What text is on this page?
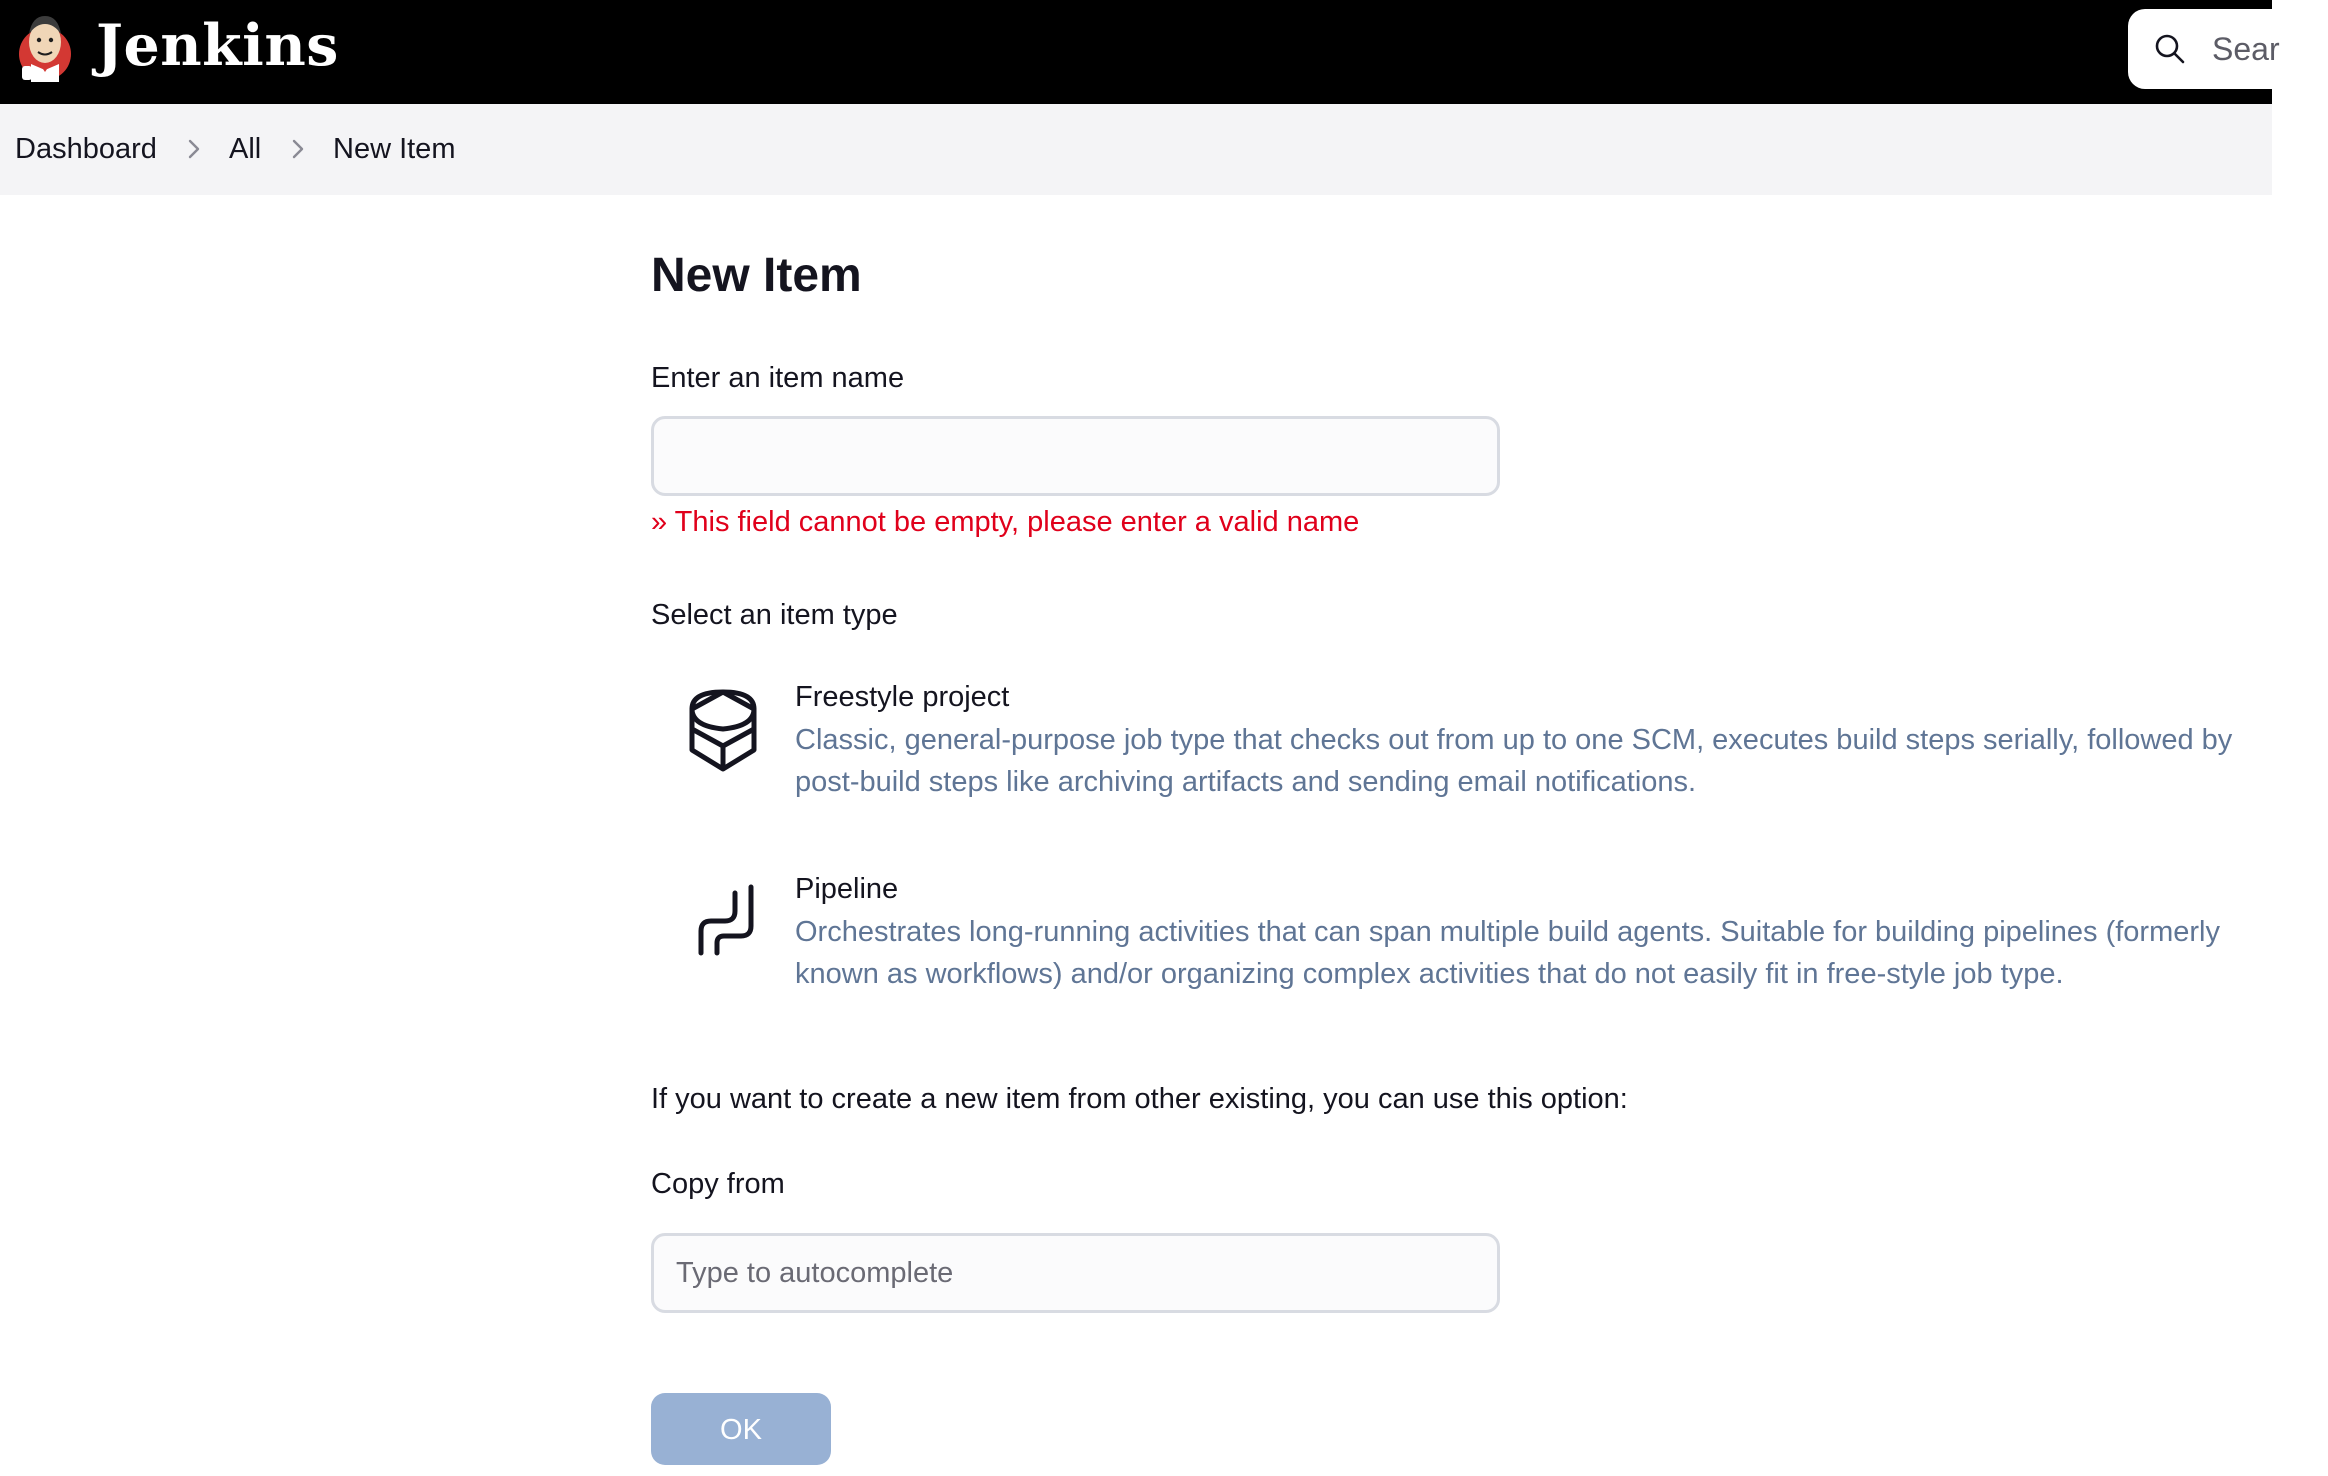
Jenkins	Sear
Dashboard All New Item
New Item
Enter an item name
» This field cannot be empty, please enter a valid name
Select an item type
Freestyle project
Classic, general-purpose job type that checks out from up to one SCM, executes build steps serially, followed by post-build steps like archiving artifacts and sending email notifications.
Pipeline
Orchestrates long-running activities that can span multiple build agents. Suitable for building pipelines (formerly known as workflows) and/or organizing complex activities that do not easily fit in free-style job type.
If you want to create a new item from other existing, you can use this option:
Copy from
Type to autocomplete
OK
